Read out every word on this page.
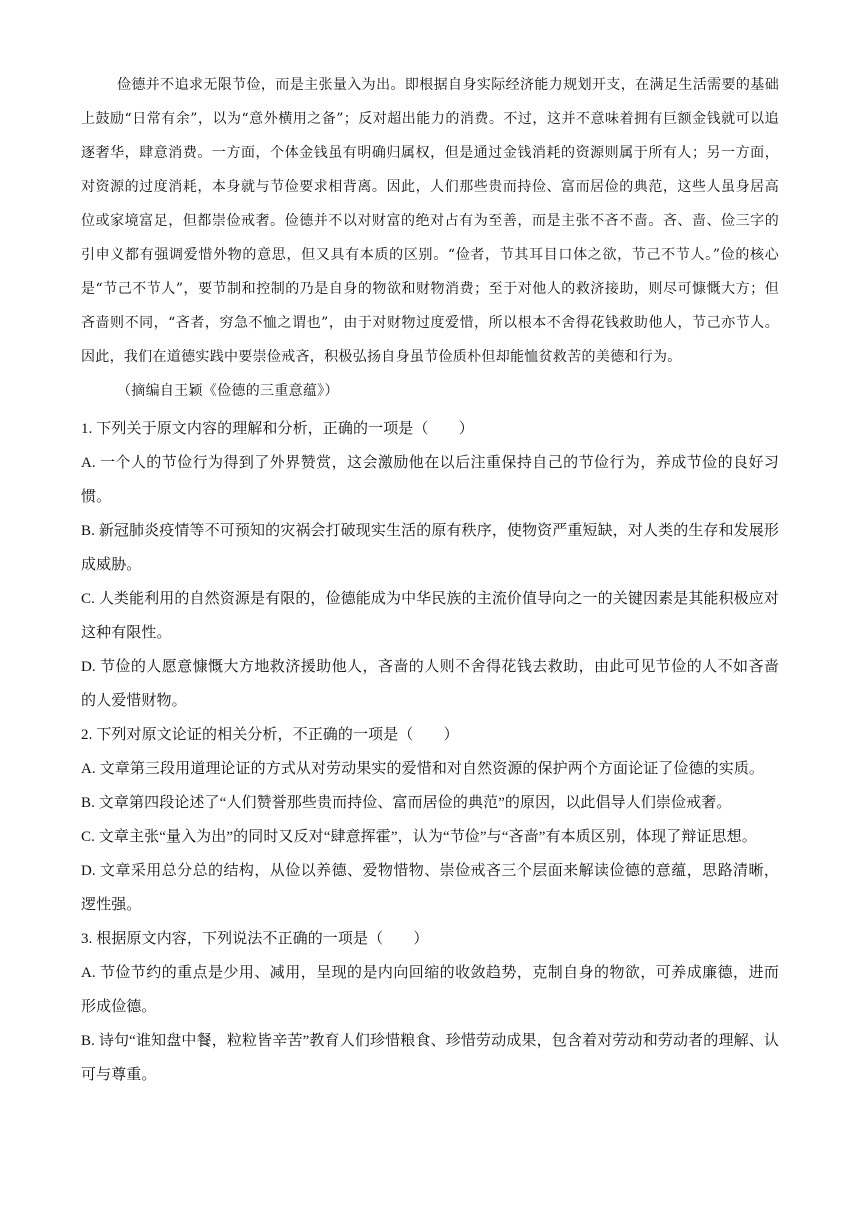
俭德并不追求无限节俭，而是主张量入为出。即根据自身实际经济能力规划开支，在满足生活需要的基础上鼓励“日常有余”，以为“意外横用之备”；反对超出能力的消费。不过，这并不意味着拥有巨额金钱就可以追逐奢华，肆意消费。一方面，个体金钱虽有明确归属权，但是通过金钱消耗的资源则属于所有人；另一方面，对资源的过度消耗，本身就与节俭要求相背离。因此，人们那些贵而持俭、富而居俭的典范，这些人虽身居高位或家境富足，但都崇俭戒奢。俭德并不以对财富的绝对占有为至善，而是主张不吝不啬。吝、啬、俭三字的引申义都有强调爱惜外物的意思，但又具有本质的区别。“俭者，节其耳目口体之欲，节己不节人。”俭的核心是“节己不节人”，要节制和控制的乃是自身的物欲和财物消费；至于对他人的救济接助，则尽可慷慨大方；但吝啬则不同，“吝者，穷急不恤之谓也”，由于对财物过度爱惜，所以根本不舍得花钱救助他人，节己亦节人。因此，我们在道德实践中要崇俭戒吝，积极弘扬自身虽节俭质朴但却能恤贫救苦的美德和行为。

（摘编自王颖《俭德的三重意蕴》）

1. 下列关于原文内容的理解和分析，正确的一项是（　　）

A. 一个人的节俭行为得到了外界赞赏，这会激励他在以后注重保持自己的节俭行为，养成节俭的良好习惯。

B. 新冠肺炎疫情等不可预知的灾祸会打破现实生活的原有秩序，使物资严重短缺，对人类的生存和发展形成威胁。

C. 人类能利用的自然资源是有限的，俭德能成为中华民族的主流价值导向之一的关键因素是其能积极应对这种有限性。

D. 节俭的人愿意慷慨大方地救济援助他人，吝啬的人则不舍得花钱去救助，由此可见节俭的人不如吝啬的人爱惜财物。

2. 下列对原文论证的相关分析，不正确的一项是（　　）

A. 文章第三段用道理论证的方式从对劳动果实的爱惜和对自然资源的保护两个方面论证了俭德的实质。

B. 文章第四段论述了“人们赞誉那些贵而持俭、富而居俭的典范”的原因，以此倡导人们崇俭戒奢。

C. 文章主张“量入为出”的同时又反对“肆意挥霍”，认为“节俭”与“吝啬”有本质区别，体现了辩证思想。

D. 文章采用总分总的结构，从俭以养德、爱物惜物、崇俭戒吝三个层面来解读俭德的意蕴，思路清晰，逻性强。

3. 根据原文内容，下列说法不正确的一项是（　　）

A. 节俭节约的重点是少用、减用，呈现的是内向回缩的收敛趋势，克制自身的物欲，可养成廉德，进而形成俭德。

B. 诗句“谁知盘中餐，粒粒皆辛苦”教育人们珍惜粮食、珍惜劳动成果，包含着对劳动和劳动者的理解、认可与尊重。
